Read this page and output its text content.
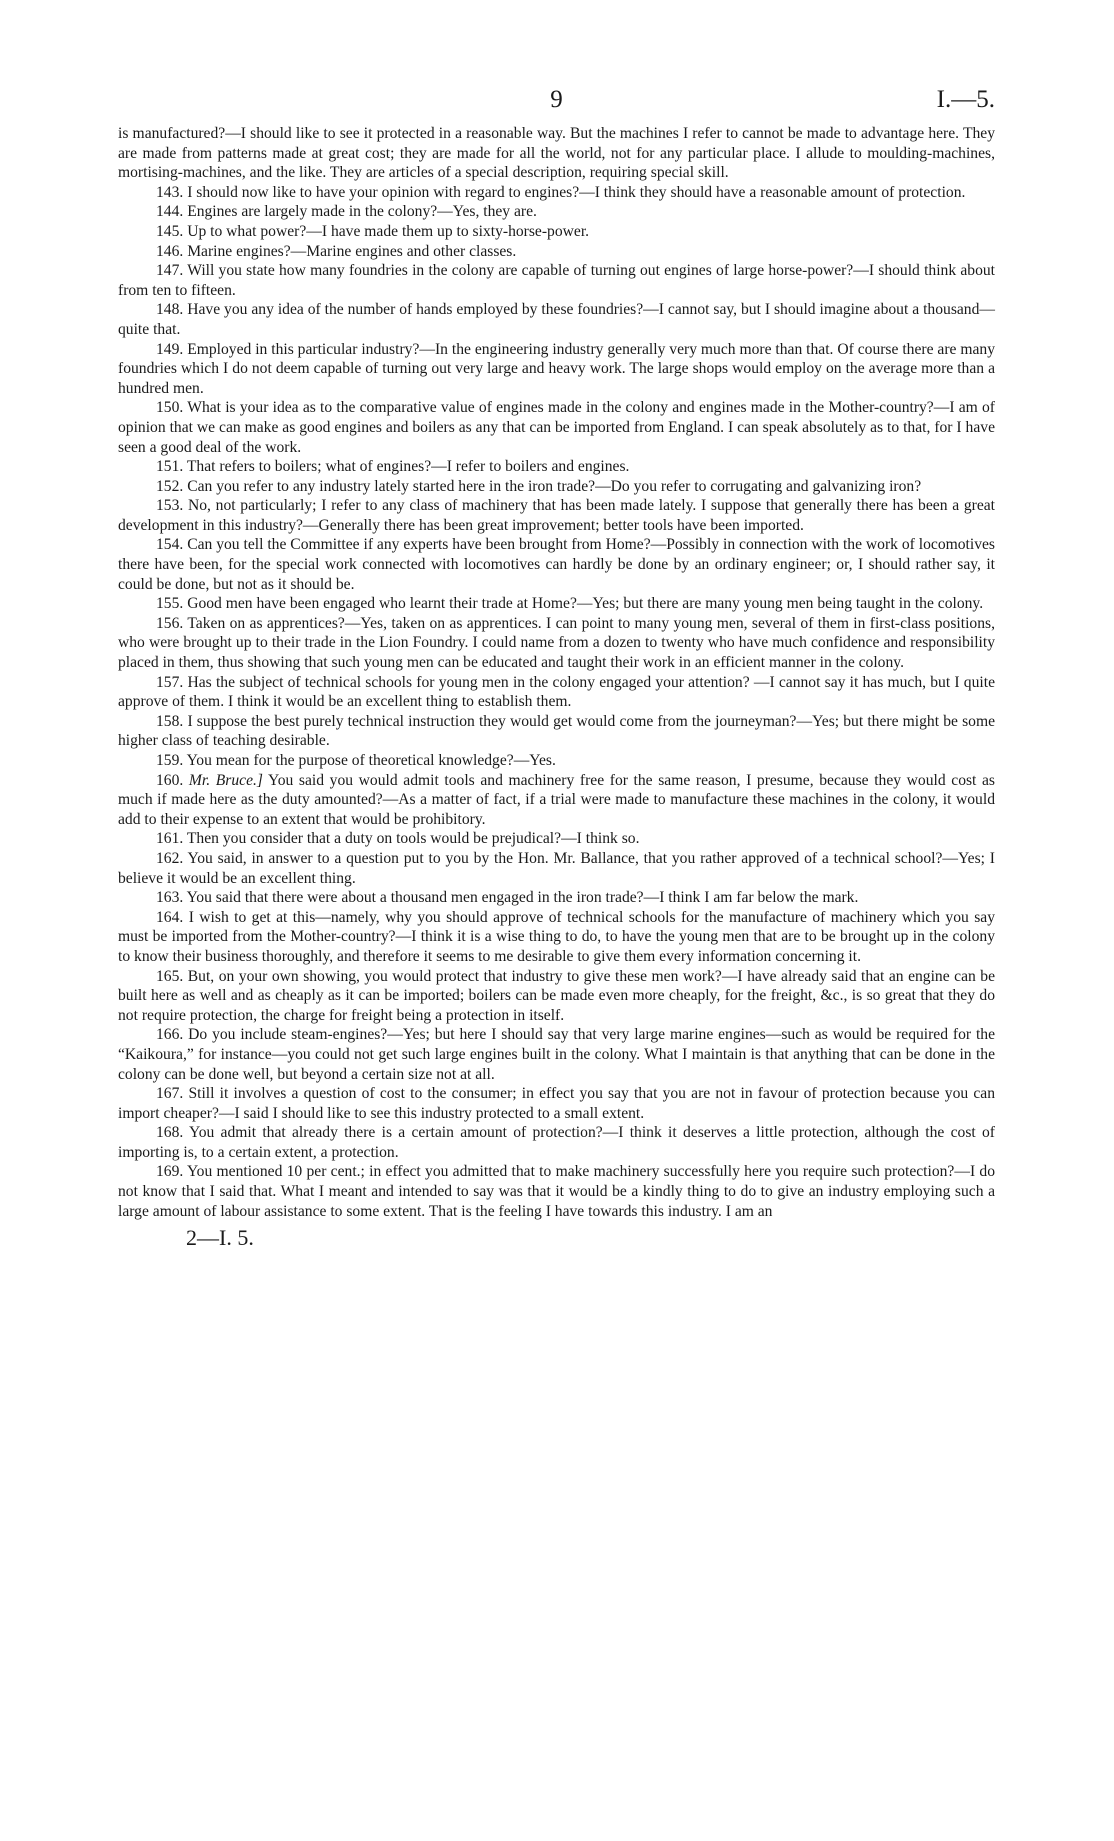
9	I.—5.

is manufactured?—I should like to see it protected in a reasonable way. But the machines I refer to cannot be made to advantage here. They are made from patterns made at great cost; they are made for all the world, not for any particular place. I allude to moulding-machines, mortising-machines, and the like. They are articles of a special description, requiring special skill.

143. I should now like to have your opinion with regard to engines?—I think they should have a reasonable amount of protection.

144. Engines are largely made in the colony?—Yes, they are.

145. Up to what power?—I have made them up to sixty-horse-power.

146. Marine engines?—Marine engines and other classes.

147. Will you state how many foundries in the colony are capable of turning out engines of large horse-power?—I should think about from ten to fifteen.

148. Have you any idea of the number of hands employed by these foundries?—I cannot say, but I should imagine about a thousand—quite that.

149. Employed in this particular industry?—In the engineering industry generally very much more than that. Of course there are many foundries which I do not deem capable of turning out very large and heavy work. The large shops would employ on the average more than a hundred men.

150. What is your idea as to the comparative value of engines made in the colony and engines made in the Mother-country?—I am of opinion that we can make as good engines and boilers as any that can be imported from England. I can speak absolutely as to that, for I have seen a good deal of the work.

151. That refers to boilers; what of engines?—I refer to boilers and engines.

152. Can you refer to any industry lately started here in the iron trade?—Do you refer to corrugating and galvanizing iron?

153. No, not particularly; I refer to any class of machinery that has been made lately. I suppose that generally there has been a great development in this industry?—Generally there has been great improvement; better tools have been imported.

154. Can you tell the Committee if any experts have been brought from Home?—Possibly in connection with the work of locomotives there have been, for the special work connected with locomotives can hardly be done by an ordinary engineer; or, I should rather say, it could be done, but not as it should be.

155. Good men have been engaged who learnt their trade at Home?—Yes; but there are many young men being taught in the colony.

156. Taken on as apprentices?—Yes, taken on as apprentices. I can point to many young men, several of them in first-class positions, who were brought up to their trade in the Lion Foundry. I could name from a dozen to twenty who have much confidence and responsibility placed in them, thus showing that such young men can be educated and taught their work in an efficient manner in the colony.

157. Has the subject of technical schools for young men in the colony engaged your attention? —I cannot say it has much, but I quite approve of them. I think it would be an excellent thing to establish them.

158. I suppose the best purely technical instruction they would get would come from the journeyman?—Yes; but there might be some higher class of teaching desirable.

159. You mean for the purpose of theoretical knowledge?—Yes.

160. Mr. Bruce.] You said you would admit tools and machinery free for the same reason, I presume, because they would cost as much if made here as the duty amounted?—As a matter of fact, if a trial were made to manufacture these machines in the colony, it would add to their expense to an extent that would be prohibitory.

161. Then you consider that a duty on tools would be prejudical?—I think so.

162. You said, in answer to a question put to you by the Hon. Mr. Ballance, that you rather approved of a technical school?—Yes; I believe it would be an excellent thing.

163. You said that there were about a thousand men engaged in the iron trade?—I think I am far below the mark.

164. I wish to get at this—namely, why you should approve of technical schools for the manufacture of machinery which you say must be imported from the Mother-country?—I think it is a wise thing to do, to have the young men that are to be brought up in the colony to know their business thoroughly, and therefore it seems to me desirable to give them every information concerning it.

165. But, on your own showing, you would protect that industry to give these men work?—I have already said that an engine can be built here as well and as cheaply as it can be imported; boilers can be made even more cheaply, for the freight, &c., is so great that they do not require protection, the charge for freight being a protection in itself.

166. Do you include steam-engines?—Yes; but here I should say that very large marine engines—such as would be required for the “Kaikoura,” for instance—you could not get such large engines built in the colony. What I maintain is that anything that can be done in the colony can be done well, but beyond a certain size not at all.

167. Still it involves a question of cost to the consumer; in effect you say that you are not in favour of protection because you can import cheaper?—I said I should like to see this industry protected to a small extent.

168. You admit that already there is a certain amount of protection?—I think it deserves a little protection, although the cost of importing is, to a certain extent, a protection.

169. You mentioned 10 per cent.; in effect you admitted that to make machinery successfully here you require such protection?—I do not know that I said that. What I meant and intended to say was that it would be a kindly thing to do to give an industry employing such a large amount of labour assistance to some extent. That is the feeling I have towards this industry. I am an

2—I. 5.
